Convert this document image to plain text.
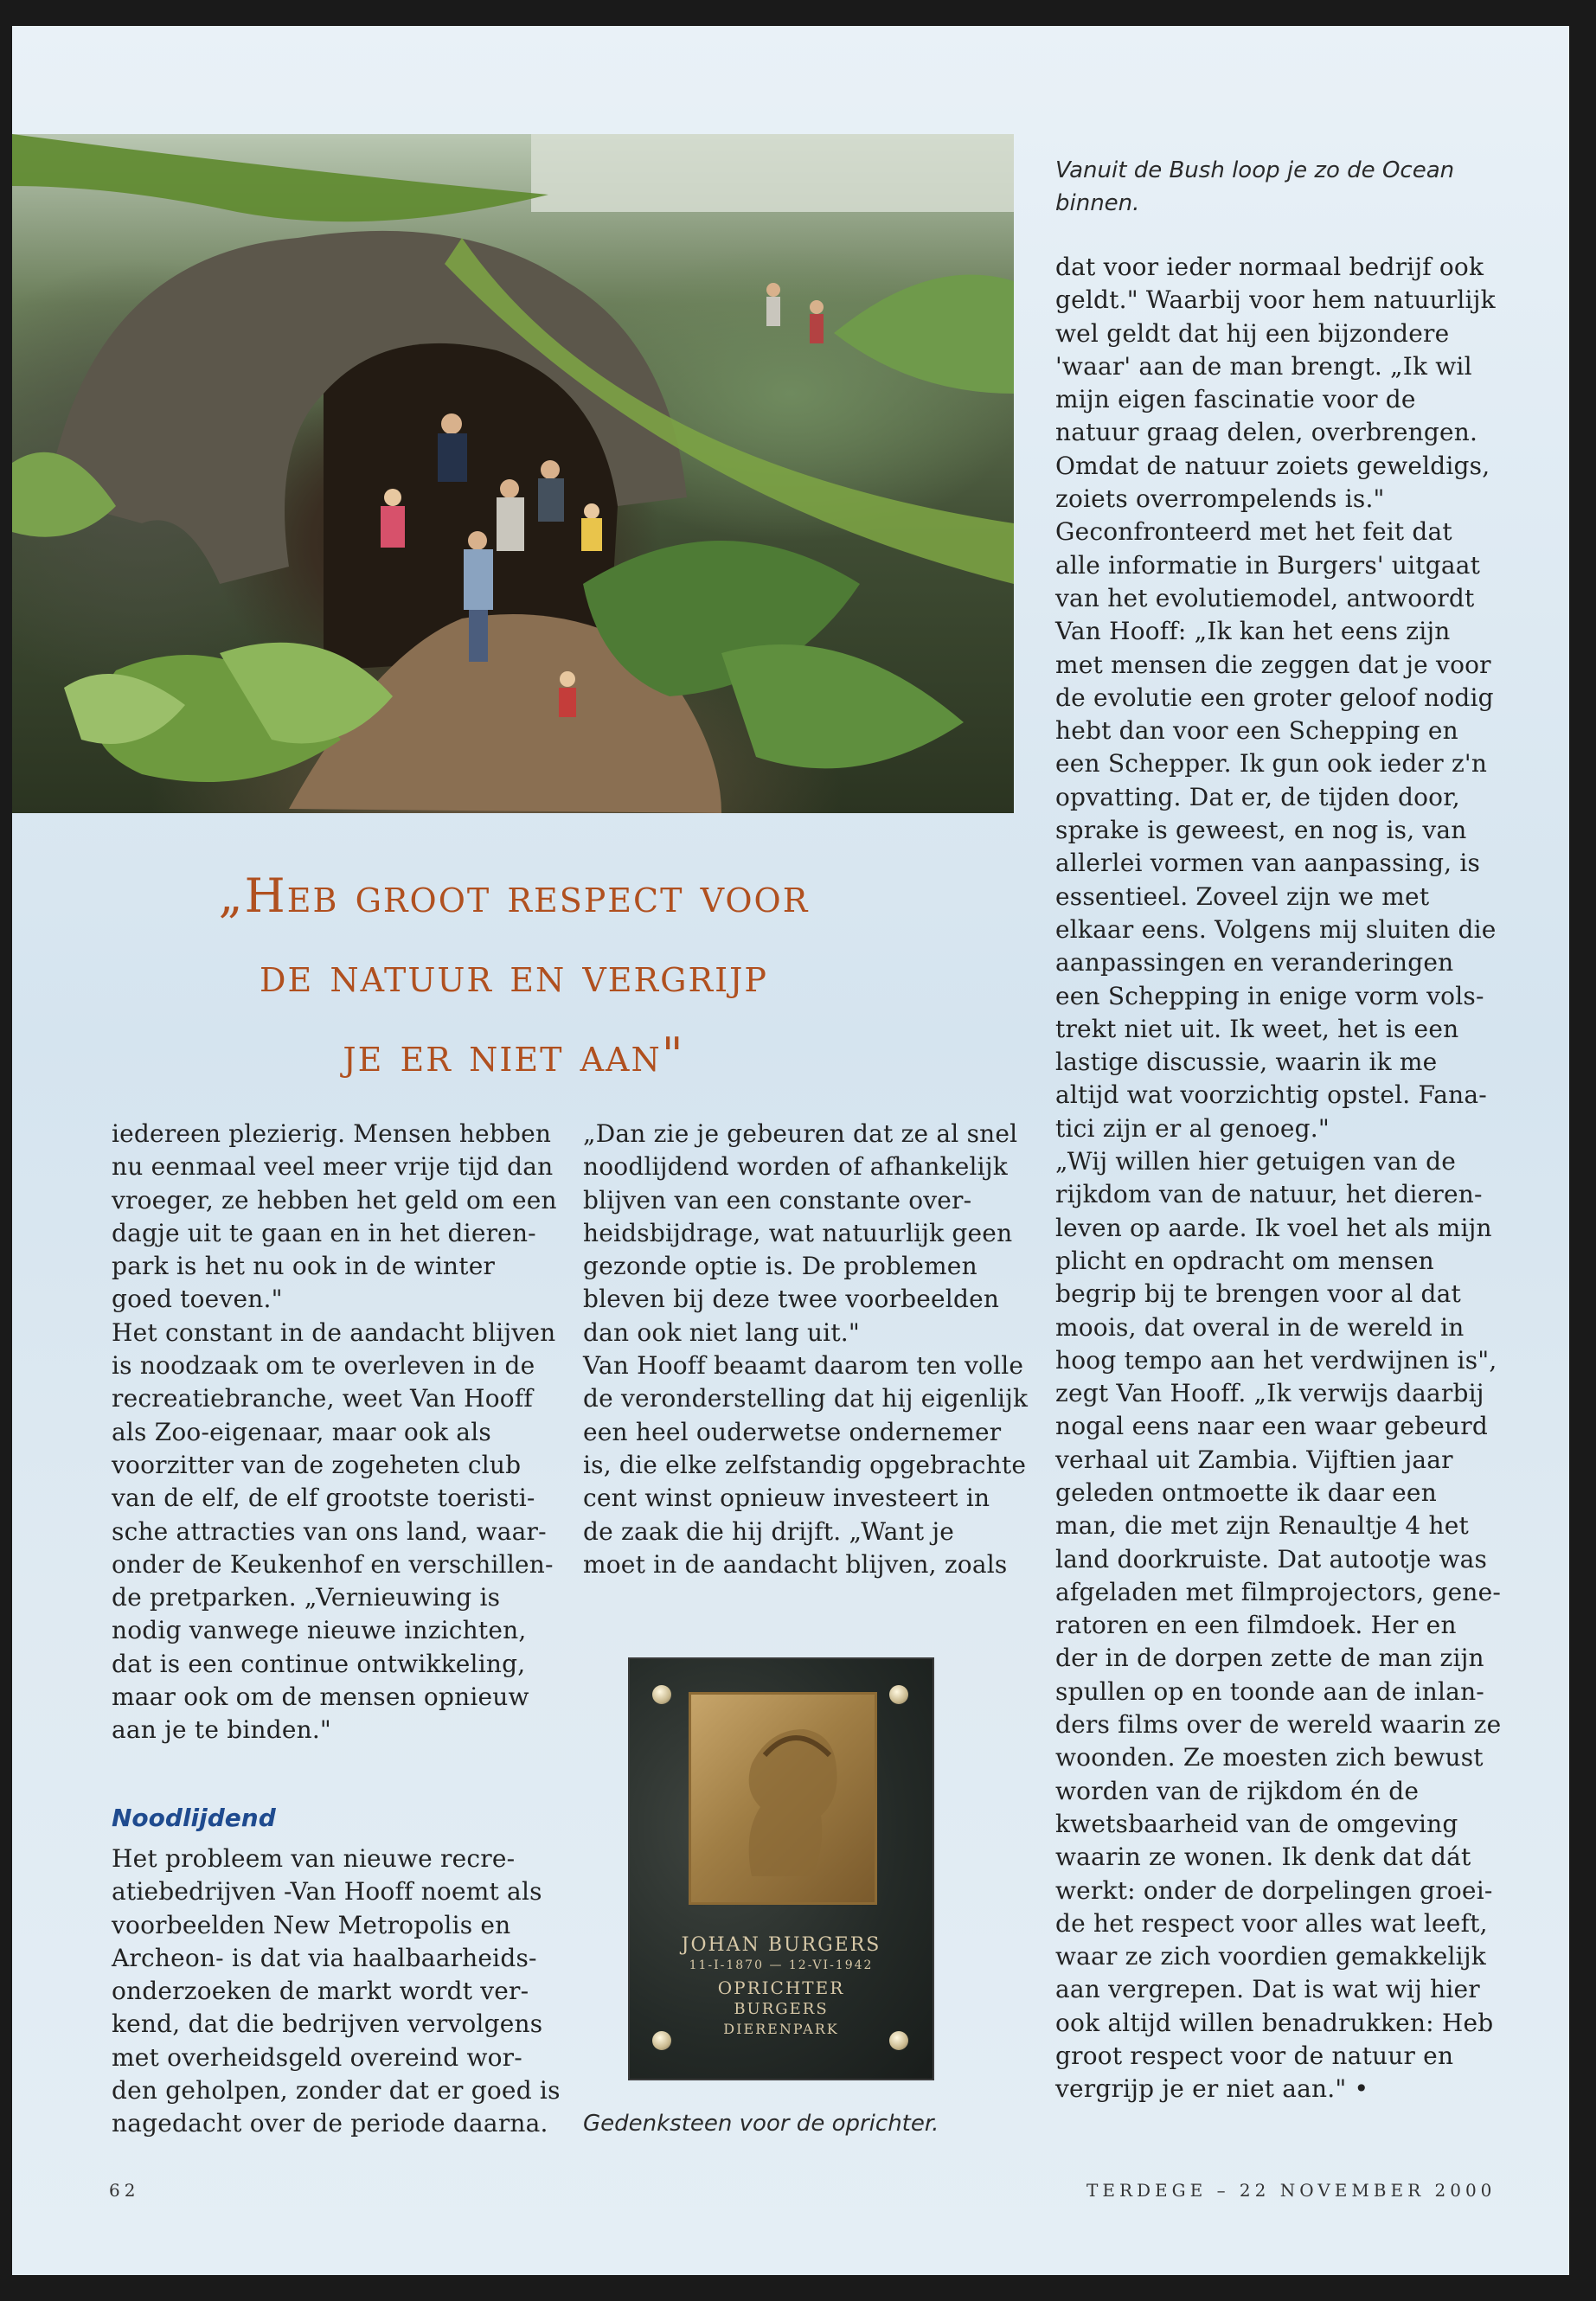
Vanuit de Bush loop je zo de Ocean binnen.
„Heb groot respect voor
de natuur en vergrijp
je er niet aan"

iedereen plezierig. Mensen hebben

nu eenmaal veel meer vrije tijd dan

vroeger, ze hebben het geld om een

dagje uit te gaan en in het dieren-

park is het nu ook in de winter

goed toeven."

Het constant in de aandacht blijven

is noodzaak om te overleven in de

recreatiebranche, weet Van Hooff

als Zoo-eigenaar, maar ook als

voorzitter van de zogeheten club

van de elf, de elf grootste toeristi-

sche attracties van ons land, waar-

onder de Keukenhof en verschillen-

de pretparken. „Vernieuwing is

nodig vanwege nieuwe inzichten,

dat is een continue ontwikkeling,

maar ook om de mensen opnieuw

aan je te binden."

Noodlijdend

Het probleem van nieuwe recre-

atiebedrijven -Van Hooff noemt als

voorbeelden New Metropolis en

Archeon- is dat via haalbaarheids-

onderzoeken de markt wordt ver-

kend, dat die bedrijven vervolgens

met overheidsgeld overeind wor-

den geholpen, zonder dat er goed is

nagedacht over de periode daarna.

„Dan zie je gebeuren dat ze al snel

noodlijdend worden of afhankelijk

blijven van een constante over-

heidsbijdrage, wat natuurlijk geen

gezonde optie is. De problemen

bleven bij deze twee voorbeelden

dan ook niet lang uit."

Van Hooff beaamt daarom ten volle

de veronderstelling dat hij eigenlijk

een heel ouderwetse ondernemer

is, die elke zelfstandig opgebrachte

cent winst opnieuw investeert in

de zaak die hij drijft. „Want je

moet in de aandacht blijven, zoals

JOHAN BURGERS
11-I-1870 — 12-VI-1942
OPRICHTER
BURGERS
DIERENPARK
Gedenksteen voor de oprichter.

dat voor ieder normaal bedrijf ook

geldt." Waarbij voor hem natuurlijk

wel geldt dat hij een bijzondere

'waar' aan de man brengt. „Ik wil

mijn eigen fascinatie voor de

natuur graag delen, overbrengen.

Omdat de natuur zoiets geweldigs,

zoiets overrompelends is."

Geconfronteerd met het feit dat

alle informatie in Burgers' uitgaat

van het evolutiemodel, antwoordt

Van Hooff: „Ik kan het eens zijn

met mensen die zeggen dat je voor

de evolutie een groter geloof nodig

hebt dan voor een Schepping en

een Schepper. Ik gun ook ieder z'n

opvatting. Dat er, de tijden door,

sprake is geweest, en nog is, van

allerlei vormen van aanpassing, is

essentieel. Zoveel zijn we met

elkaar eens. Volgens mij sluiten die

aanpassingen en veranderingen

een Schepping in enige vorm vols-

trekt niet uit. Ik weet, het is een

lastige discussie, waarin ik me

altijd wat voorzichtig opstel. Fana-

tici zijn er al genoeg."

„Wij willen hier getuigen van de

rijkdom van de natuur, het dieren-

leven op aarde. Ik voel het als mijn

plicht en opdracht om mensen

begrip bij te brengen voor al dat

moois, dat overal in de wereld in

hoog tempo aan het verdwijnen is",

zegt Van Hooff. „Ik verwijs daarbij

nogal eens naar een waar gebeurd

verhaal uit Zambia. Vijftien jaar

geleden ontmoette ik daar een

man, die met zijn Renaultje 4 het

land doorkruiste. Dat autootje was

afgeladen met filmprojectors, gene-

ratoren en een filmdoek. Her en

der in de dorpen zette de man zijn

spullen op en toonde aan de inlan-

ders films over de wereld waarin ze

woonden. Ze moesten zich bewust

worden van de rijkdom én de

kwetsbaarheid van de omgeving

waarin ze wonen. Ik denk dat dát

werkt: onder de dorpelingen groei-

de het respect voor alles wat leeft,

waar ze zich voordien gemakkelijk

aan vergrepen. Dat is wat wij hier

ook altijd willen benadrukken: Heb

groot respect voor de natuur en

vergrijp je er niet aan." •

62	TERDEGE – 22 NOVEMBER 2000
